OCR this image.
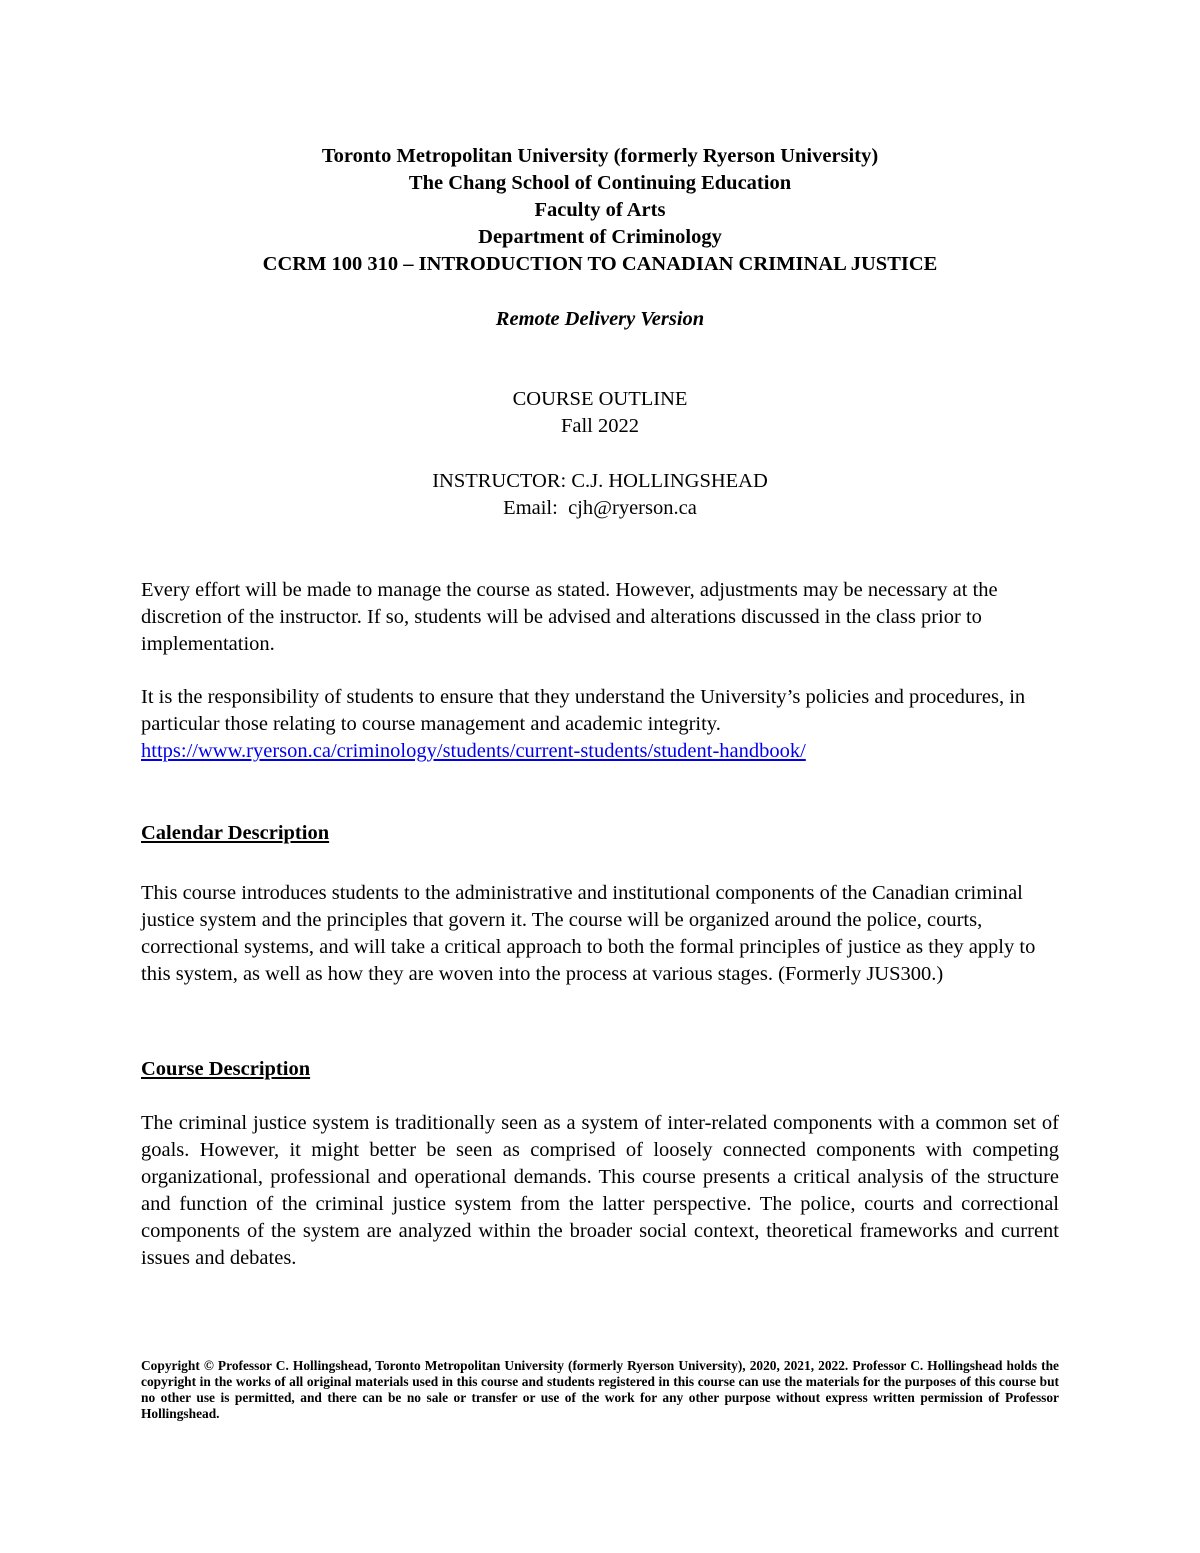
Toronto Metropolitan University (formerly Ryerson University)
The Chang School of Continuing Education
Faculty of Arts
Department of Criminology
CCRM 100 310 – INTRODUCTION TO CANADIAN CRIMINAL JUSTICE
Remote Delivery Version
COURSE OUTLINE
Fall 2022
INSTRUCTOR: C.J. HOLLINGSHEAD
Email: cjh@ryerson.ca
Every effort will be made to manage the course as stated. However, adjustments may be necessary at the discretion of the instructor. If so, students will be advised and alterations discussed in the class prior to implementation.
It is the responsibility of students to ensure that they understand the University’s policies and procedures, in particular those relating to course management and academic integrity.
https://www.ryerson.ca/criminology/students/current-students/student-handbook/
Calendar Description
This course introduces students to the administrative and institutional components of the Canadian criminal justice system and the principles that govern it. The course will be organized around the police, courts, correctional systems, and will take a critical approach to both the formal principles of justice as they apply to this system, as well as how they are woven into the process at various stages. (Formerly JUS300.)
Course Description
The criminal justice system is traditionally seen as a system of inter-related components with a common set of goals. However, it might better be seen as comprised of loosely connected components with competing organizational, professional and operational demands. This course presents a critical analysis of the structure and function of the criminal justice system from the latter perspective. The police, courts and correctional components of the system are analyzed within the broader social context, theoretical frameworks and current issues and debates.
Copyright © Professor C. Hollingshead, Toronto Metropolitan University (formerly Ryerson University), 2020, 2021, 2022. Professor C. Hollingshead holds the copyright in the works of all original materials used in this course and students registered in this course can use the materials for the purposes of this course but no other use is permitted, and there can be no sale or transfer or use of the work for any other purpose without express written permission of Professor Hollingshead.
